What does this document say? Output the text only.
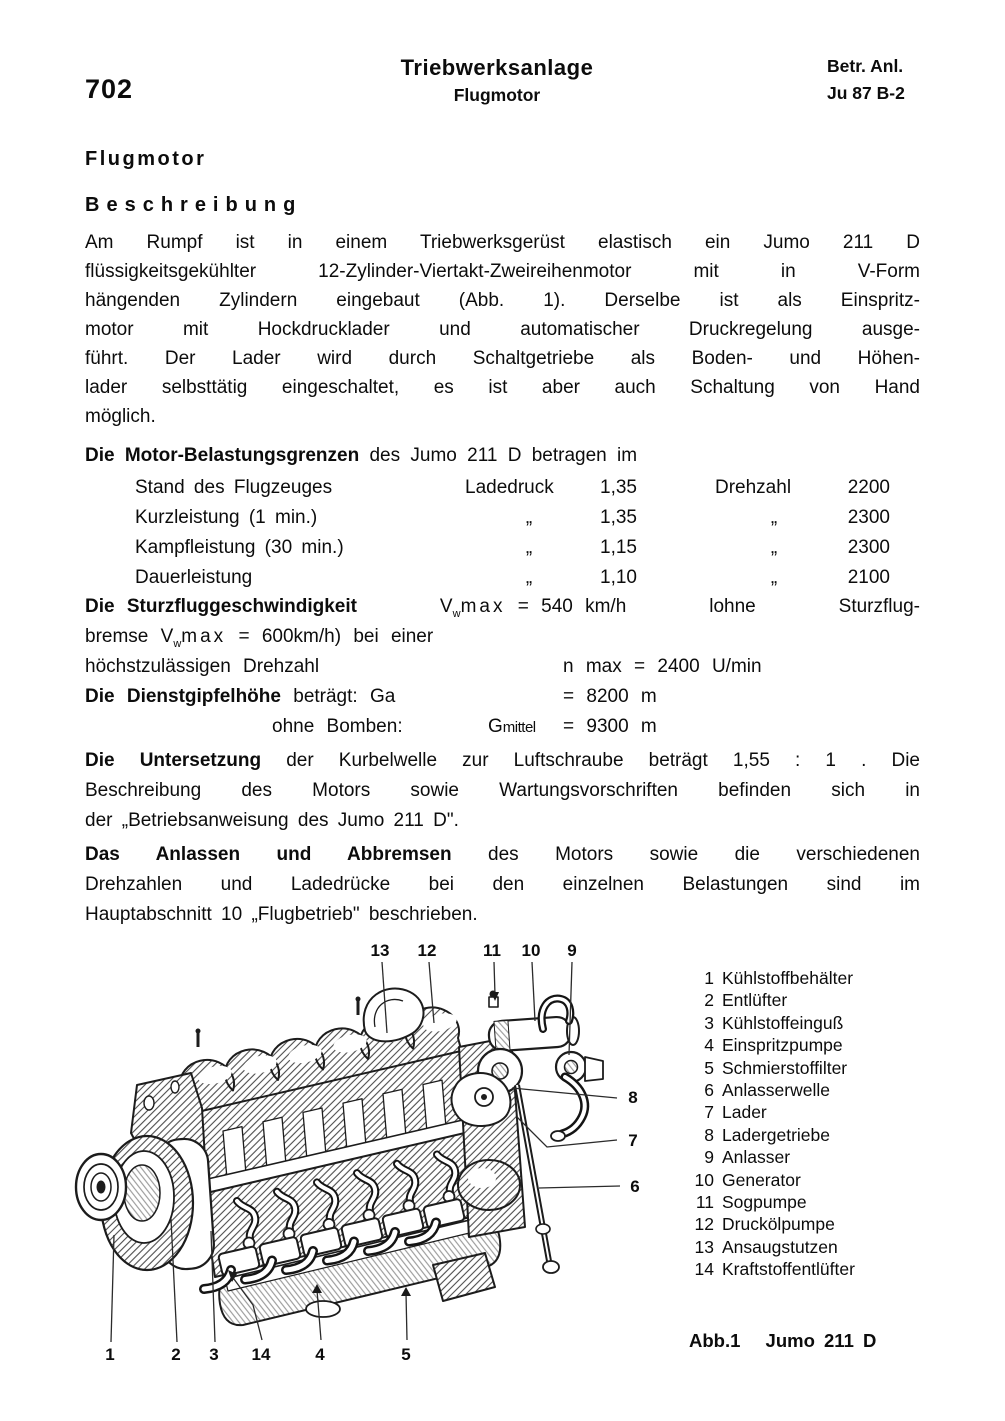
702
Triebwerksanlage
Flugmotor
Betr. Anl.
Ju 87 B-2
Flugmotor
Beschreibung
Am Rumpf ist in einem Triebwerksgerüst elastisch ein Jumo 211 D
flüssigkeitsgekühlter 12-Zylinder-Viertakt-Zweireihenmotor mit in V-Form
hängenden Zylindern eingebaut (Abb. 1). Derselbe ist als Einspritz-
motor mit Hockdrucklader und automatischer Druckregelung ausge-
führt. Der Lader wird durch Schaltgetriebe als Boden- und Höhen-
lader selbsttätig eingeschaltet, es ist aber auch Schaltung von Hand
möglich.
Die Motor-Belastungsgrenzen des Jumo 211 D betragen im
Stand des Flugzeuges	Ladedruck	1,35	Drehzahl	2200
Kurzleistung (1 min.)	„	1,35	„	2300
Kampfleistung (30 min.)	„	1,15	„	2300
Dauerleistung	„	1,10	„	2100
Die Sturzfluggeschwindigkeit	$V_w\max = 540$ km/h	lohne	Sturzflug-
bremse $V_w\max = 600km/h$) bei einer
höchstzulässigen Drehzahl	n max = 2400 U/min
Die Dienstgipfelhöhe beträgt: Ga	= 8200 m
ohne Bomben:	Gmittel = 9300 m
Die Untersetzung der Kurbelwelle zur Luftschraube beträgt 1,55 : 1 . Die
Beschreibung des Motors sowie Wartungsvorschriften befinden sich in
der „Betriebsanweisung des Jumo 211 D".
Das Anlassen und Abbremsen des Motors sowie die verschiedenen
Drehzahlen und Ladedrücke bei den einzelnen Belastungen sind im
Hauptabschnitt 10 „Flugbetrieb" beschrieben.
13 12	11 10 9
8
7
6
1	2 3 14	4	5
1 Kühlstoffbehälter
2 Entlüfter
3 Kühlstoffeinguß
4 Einspritzpumpe
5 Schmierstoffilter
6 Anlasserwelle
7 Lader
8 Ladergetriebe
9 Anlasser
10 Generator
11 Sogpumpe
12 Druckölpumpe
13 Ansaugstutzen
14 Kraftstoffentlüfter
Abb.1 Jumo 211 D
